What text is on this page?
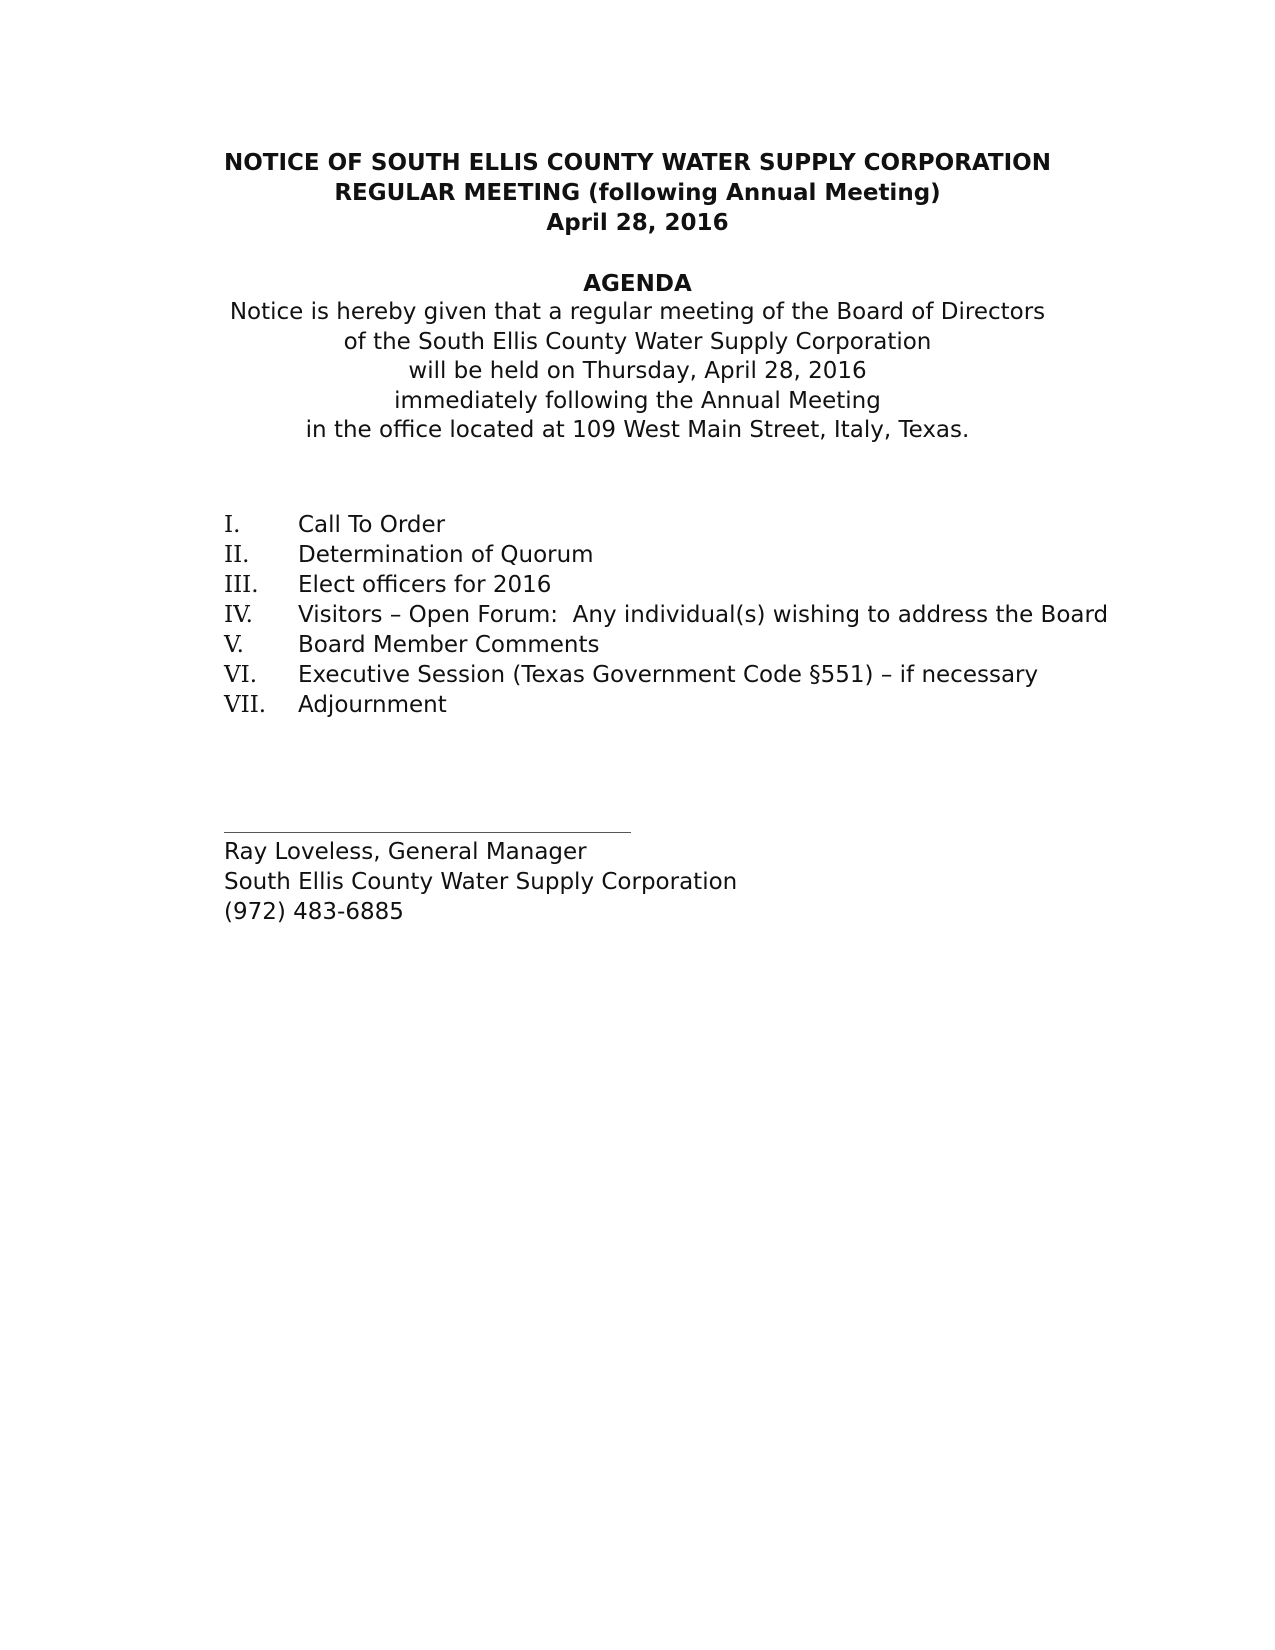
NOTICE OF SOUTH ELLIS COUNTY WATER SUPPLY CORPORATION
REGULAR MEETING (following Annual Meeting)
April 28, 2016
AGENDA
Notice is hereby given that a regular meeting of the Board of Directors
of the South Ellis County Water Supply Corporation
will be held on Thursday, April 28, 2016
immediately following the Annual Meeting
in the office located at 109 West Main Street, Italy, Texas.
I.	Call To Order
II. Determination of Quorum
III. Elect officers for 2016
IV. Visitors – Open Forum:  Any individual(s) wishing to address the Board
V. Board Member Comments
VI. Executive Session (Texas Government Code §551) – if necessary
VII. Adjournment
Ray Loveless, General Manager
South Ellis County Water Supply Corporation
(972) 483-6885
